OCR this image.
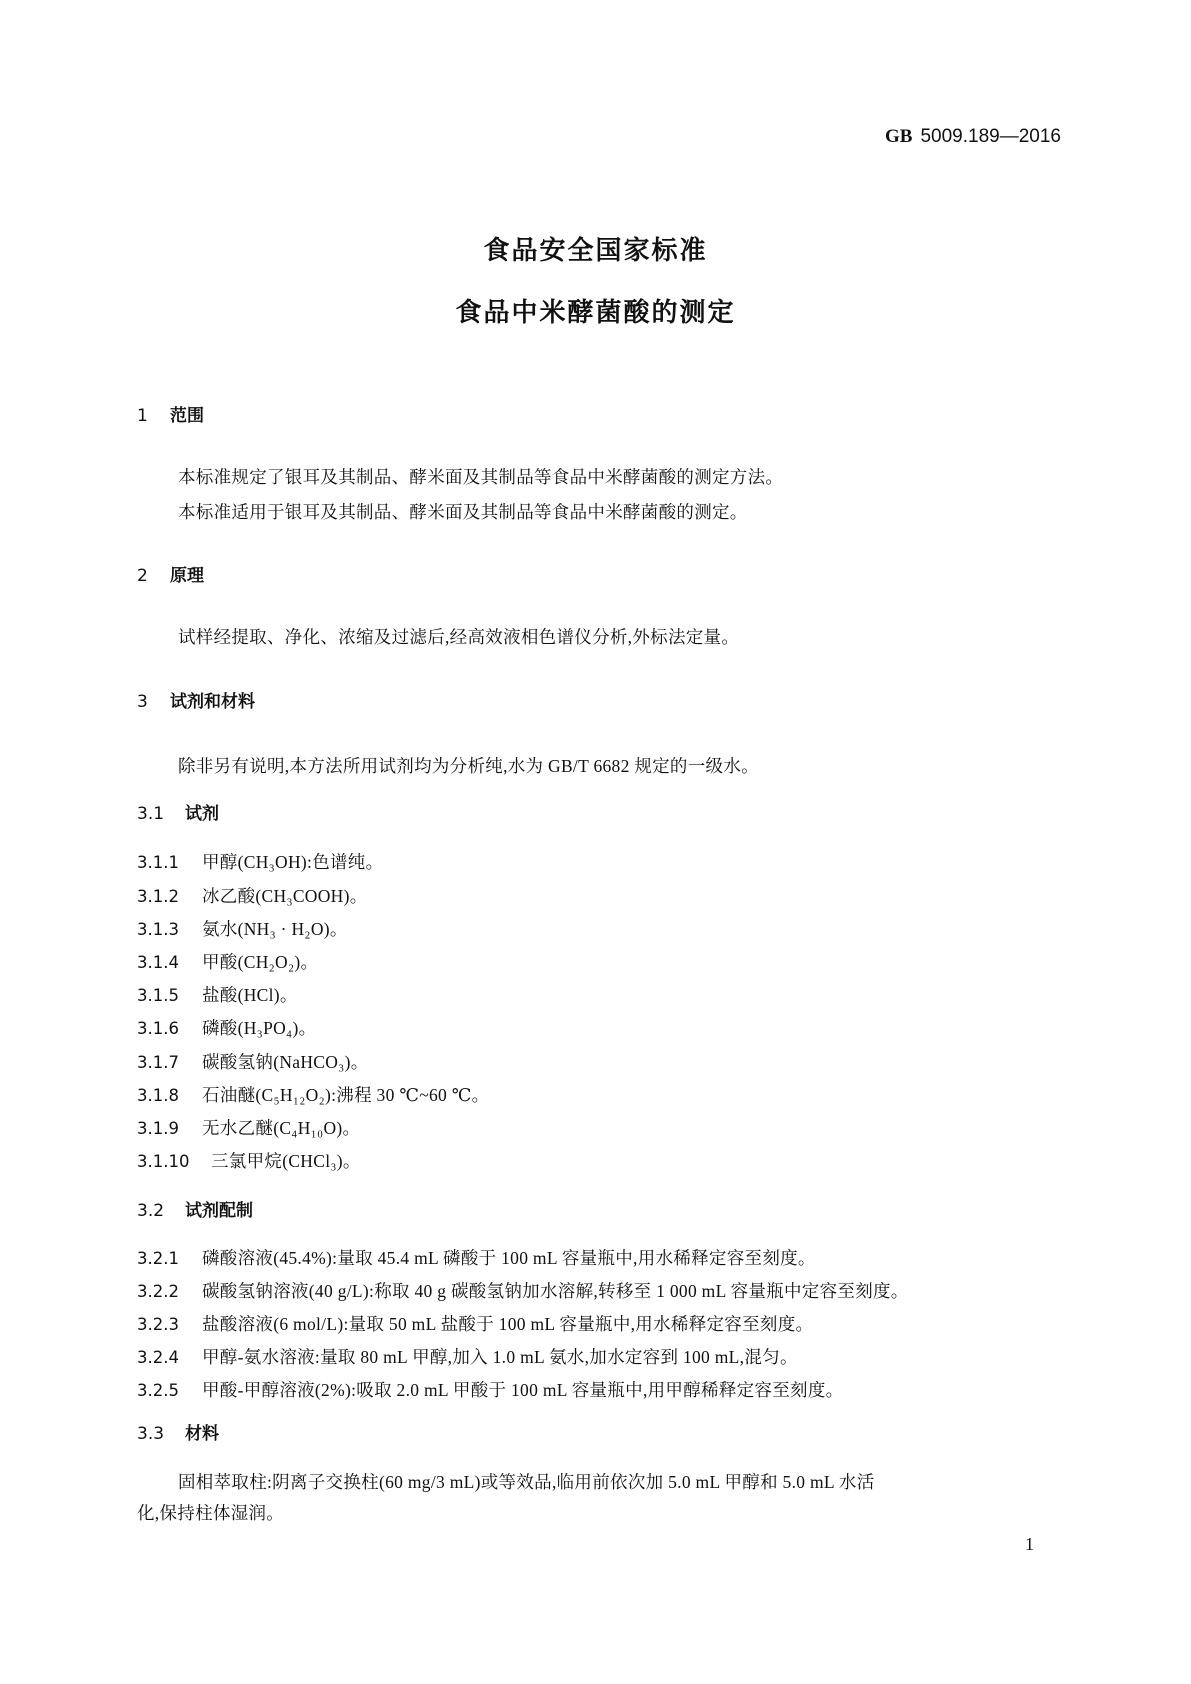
GB 5009.189—2016
食品安全国家标准
食品中米酵菌酸的测定
1 范围
本标准规定了银耳及其制品、酵米面及其制品等食品中米酵菌酸的测定方法。
本标准适用于银耳及其制品、酵米面及其制品等食品中米酵菌酸的测定。
2 原理
试样经提取、净化、浓缩及过滤后,经高效液相色谱仪分析,外标法定量。
3 试剂和材料
除非另有说明,本方法所用试剂均为分析纯,水为 GB/T 6682 规定的一级水。
3.1 试剂
3.1.1 甲醇(CH₃OH):色谱纯。
3.1.2 冰乙酸(CH₃COOH)。
3.1.3 氨水(NH₃ · H₂O)。
3.1.4 甲酸(CH₂O₂)。
3.1.5 盐酸(HCl)。
3.1.6 磷酸(H₃PO₄)。
3.1.7 碳酸氢钠(NaHCO₃)。
3.1.8 石油醚(C₅H₁₂O₂):沸程 30 ℃~60 ℃。
3.1.9 无水乙醚(C₄H₁₀O)。
3.1.10 三氯甲烷(CHCl₃)。
3.2 试剂配制
3.2.1 磷酸溶液(45.4%):量取 45.4 mL 磷酸于 100 mL 容量瓶中,用水稀释定容至刻度。
3.2.2 碳酸氢钠溶液(40 g/L):称取 40 g 碳酸氢钠加水溶解,转移至 1 000 mL 容量瓶中定容至刻度。
3.2.3 盐酸溶液(6 mol/L):量取 50 mL 盐酸于 100 mL 容量瓶中,用水稀释定容至刻度。
3.2.4 甲醇-氨水溶液:量取 80 mL 甲醇,加入 1.0 mL 氨水,加水定容到 100 mL,混匀。
3.2.5 甲酸-甲醇溶液(2%):吸取 2.0 mL 甲酸于 100 mL 容量瓶中,用甲醇稀释定容至刻度。
3.3 材料
固相萃取柱:阴离子交换柱(60 mg/3 mL)或等效品,临用前依次加 5.0 mL 甲醇和 5.0 mL 水活
化,保持柱体湿润。
1
